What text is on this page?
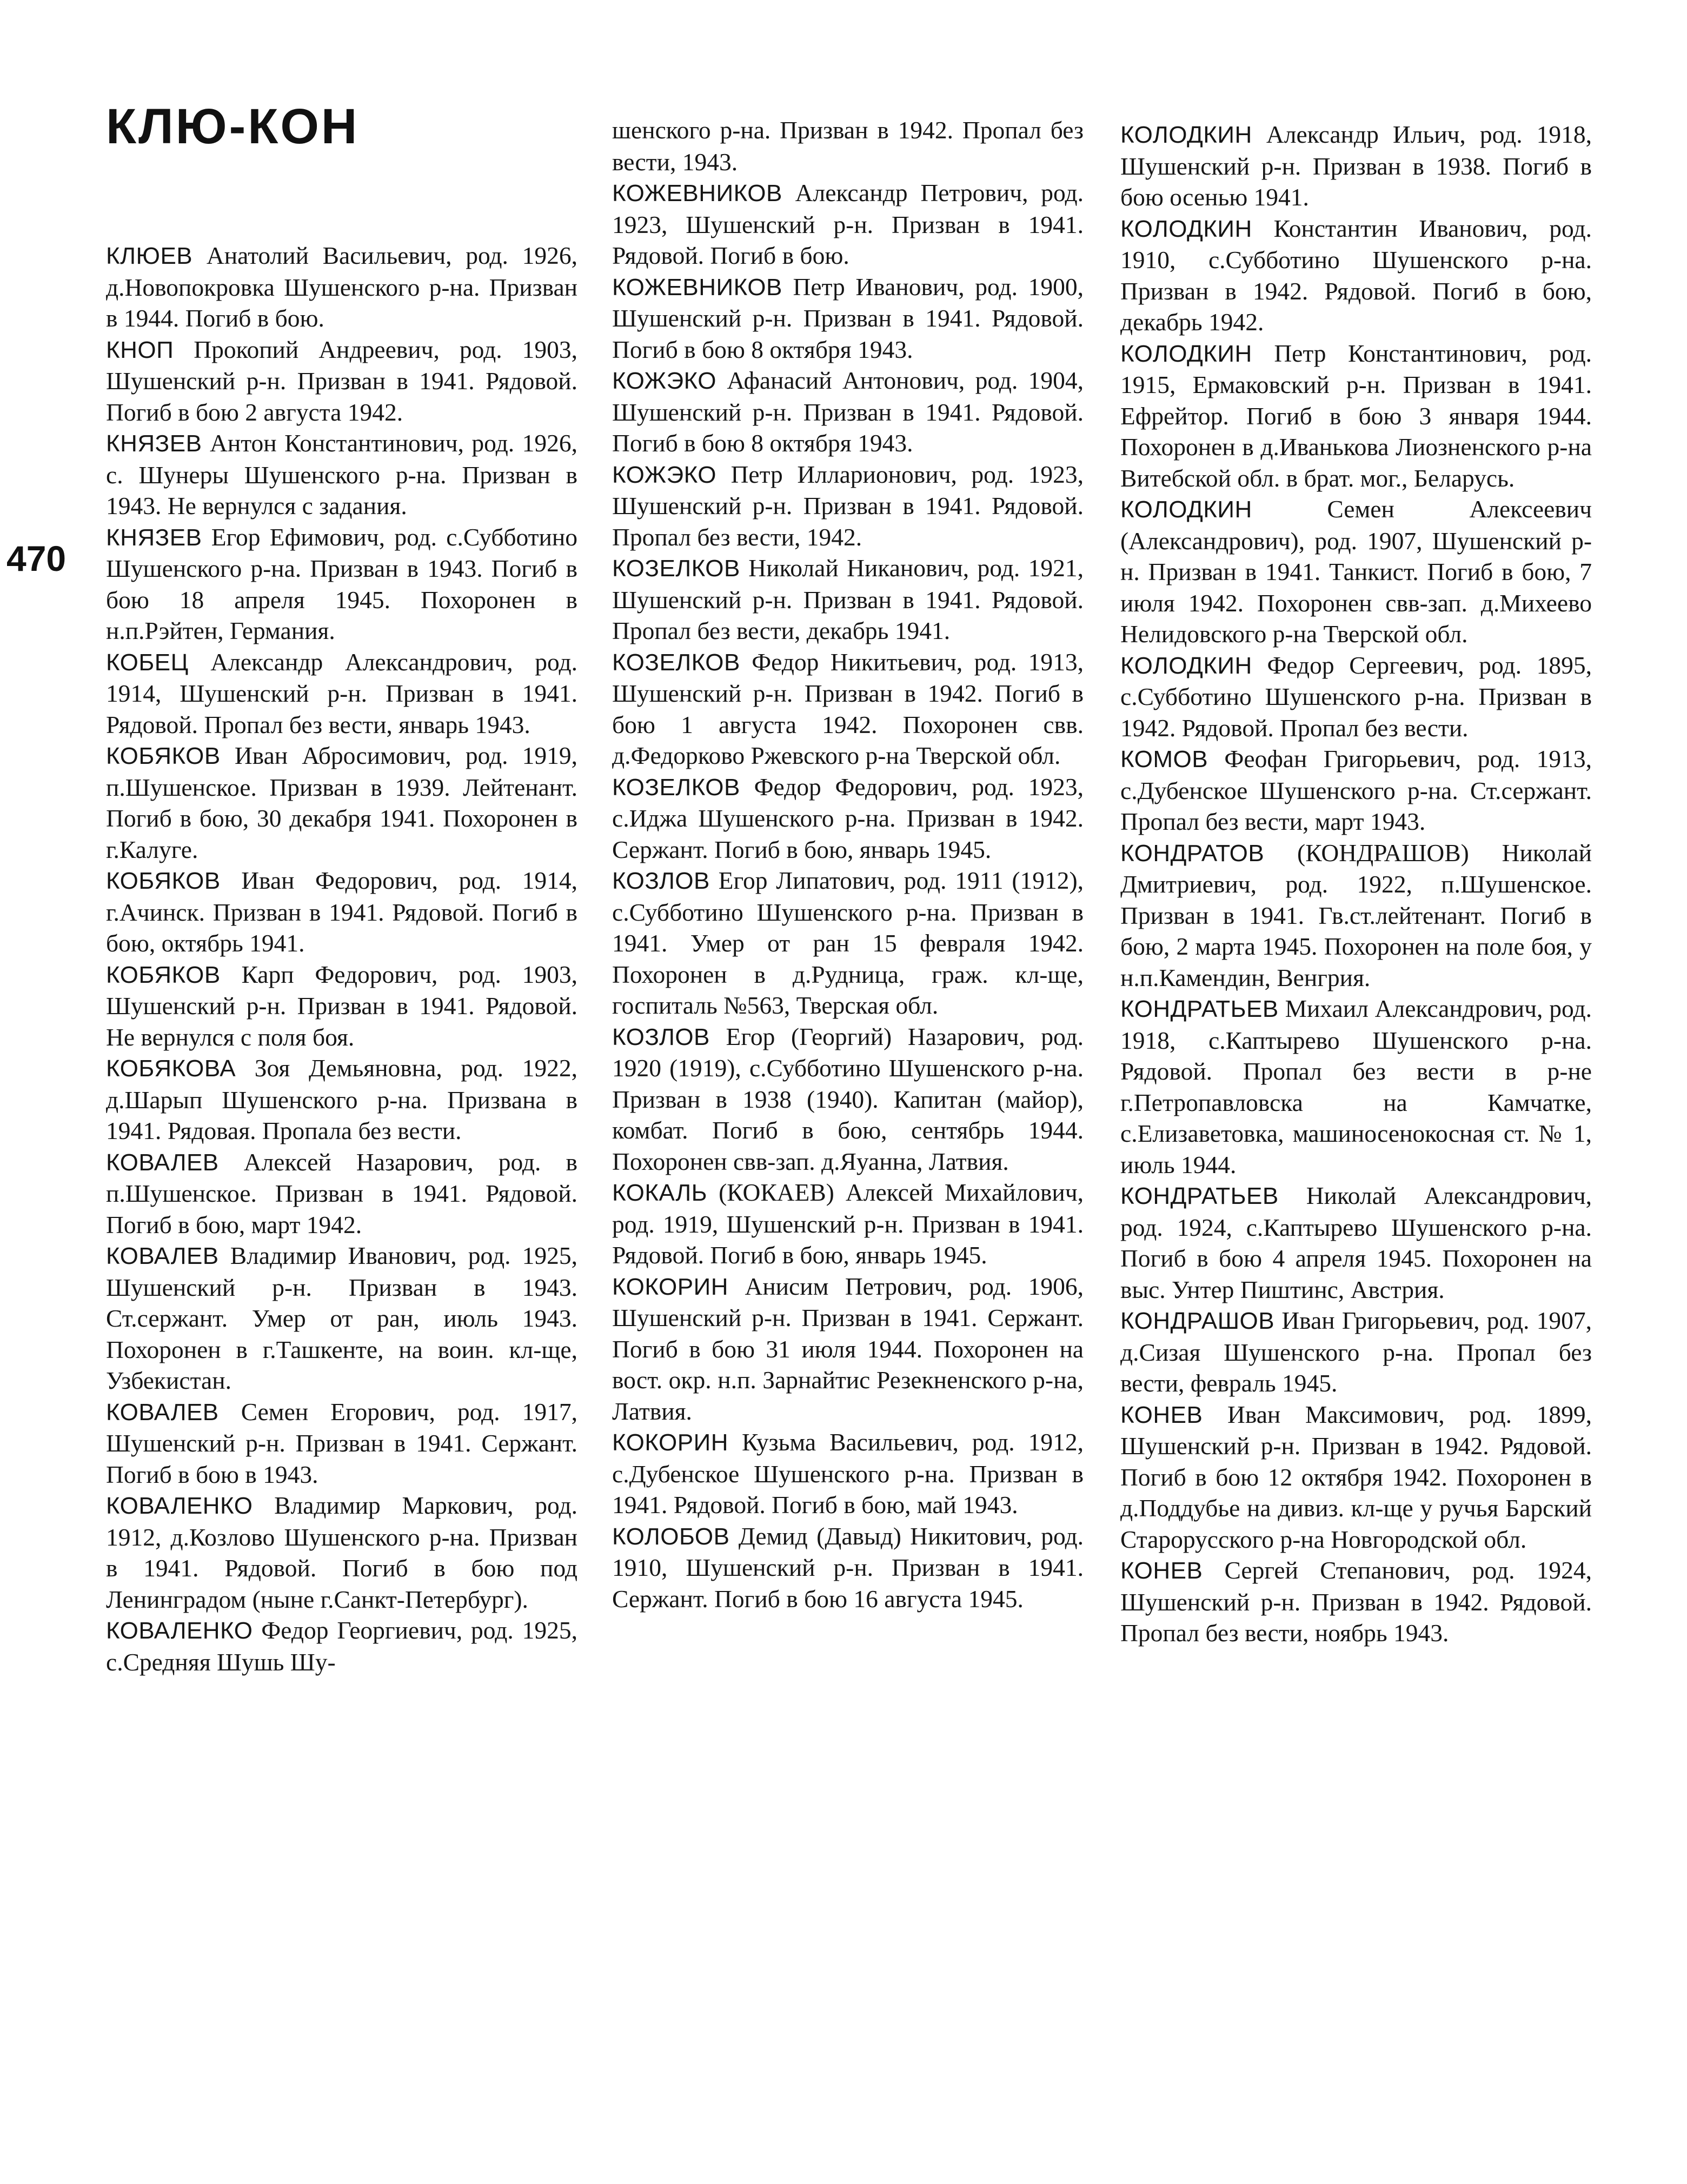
КЛЮ-КОН
470
КЛЮЕВ Анатолий Васильевич, род. 1926, д.Новопокровка Шушенского р-на. Призван в 1944. Погиб в бою.
КНОП Прокопий Андреевич, род. 1903, Шушенский р-н. Призван в 1941. Рядовой. Погиб в бою 2 августа 1942.
КНЯЗЕВ Антон Константинович, род. 1926, с. Шунеры Шушенского р-на. Призван в 1943. Не вернулся с задания.
КНЯЗЕВ Егор Ефимович, род. с.Субботино Шушенского р-на. Призван в 1943. Погиб в бою 18 апреля 1945. Похоронен в н.п.Рэйтен, Германия.
КОБЕЦ Александр Александрович, род. 1914, Шушенский р-н. Призван в 1941. Рядовой. Пропал без вести, январь 1943.
КОБЯКОВ Иван Абросимович, род. 1919, п.Шушенское. Призван в 1939. Лейтенант. Погиб в бою, 30 декабря 1941. Похоронен в г.Калуге.
КОБЯКОВ Иван Федорович, род. 1914, г.Ачинск. Призван в 1941. Рядовой. Погиб в бою, октябрь 1941.
КОБЯКОВ Карп Федорович, род. 1903, Шушенский р-н. Призван в 1941. Рядовой. Не вернулся с поля боя.
КОБЯКОВА Зоя Демьяновна, род. 1922, д.Шарып Шушенского р-на. Призвана в 1941. Рядовая. Пропала без вести.
КОВАЛЕВ Алексей Назарович, род. в п.Шушенское. Призван в 1941. Рядовой. Погиб в бою, март 1942.
КОВАЛЕВ Владимир Иванович, род. 1925, Шушенский р-н. Призван в 1943. Ст.сержант. Умер от ран, июль 1943. Похоронен в г.Ташкенте, на воин. кл-ще, Узбекистан.
КОВАЛЕВ Семен Егорович, род. 1917, Шушенский р-н. Призван в 1941. Сержант. Погиб в бою в 1943.
КОВАЛЕНКО Владимир Маркович, род. 1912, д.Козлово Шушенского р-на. Призван в 1941. Рядовой. Погиб в бою под Ленинградом (ныне г.Санкт-Петербург).
КОВАЛЕНКО Федор Георгиевич, род. 1925, с.Средняя Шушь Шу-
шенского р-на. Призван в 1942. Пропал без вести, 1943.
КОЖЕВНИКОВ Александр Петрович, род. 1923, Шушенский р-н. Призван в 1941. Рядовой. Погиб в бою.
КОЖЕВНИКОВ Петр Иванович, род. 1900, Шушенский р-н. Призван в 1941. Рядовой. Погиб в бою 8 октября 1943.
КОЖЭКО Афанасий Антонович, род. 1904, Шушенский р-н. Призван в 1941. Рядовой. Погиб в бою 8 октября 1943.
КОЖЭКО Петр Илларионович, род. 1923, Шушенский р-н. Призван в 1941. Рядовой. Пропал без вести, 1942.
КОЗЕЛКОВ Николай Никанович, род. 1921, Шушенский р-н. Призван в 1941. Рядовой. Пропал без вести, декабрь 1941.
КОЗЕЛКОВ Федор Никитьевич, род. 1913, Шушенский р-н. Призван в 1942. Погиб в бою 1 августа 1942. Похоронен свв. д.Федорково Ржевского р-на Тверской обл.
КОЗЕЛКОВ Федор Федорович, род. 1923, с.Иджа Шушенского р-на. Призван в 1942. Сержант. Погиб в бою, январь 1945.
КОЗЛОВ Егор Липатович, род. 1911 (1912), с.Субботино Шушенского р-на. Призван в 1941. Умер от ран 15 февраля 1942. Похоронен в д.Рудница, граж. кл-ще, госпиталь №563, Тверская обл.
КОЗЛОВ Егор (Георгий) Назарович, род. 1920 (1919), с.Субботино Шушенского р-на. Призван в 1938 (1940). Капитан (майор), комбат. Погиб в бою, сентябрь 1944. Похоронен свв-зап. д.Яуанна, Латвия.
КОКАЛЬ (КОКАЕВ) Алексей Михайлович, род. 1919, Шушенский р-н. Призван в 1941. Рядовой. Погиб в бою, январь 1945.
КОКОРИН Анисим Петрович, род. 1906, Шушенский р-н. Призван в 1941. Сержант. Погиб в бою 31 июля 1944. Похоронен на вост. окр. н.п. Зарнайтис Резекненского р-на, Латвия.
КОКОРИН Кузьма Васильевич, род. 1912, с.Дубенское Шушенского р-на. Призван в 1941. Рядовой. Погиб в бою, май 1943.
КОЛОБОВ Демид (Давыд) Никитович, род. 1910, Шушенский р-н. Призван в 1941. Сержант. Погиб в бою 16 августа 1945.
КОЛОДКИН Александр Ильич, род. 1918, Шушенский р-н. Призван в 1938. Погиб в бою осенью 1941.
КОЛОДКИН Константин Иванович, род. 1910, с.Субботино Шушенского р-на. Призван в 1942. Рядовой. Погиб в бою, декабрь 1942.
КОЛОДКИН Петр Константинович, род. 1915, Ермаковский р-н. Призван в 1941. Ефрейтор. Погиб в бою 3 января 1944. Похоронен в д.Иванькова Лиозненского р-на Витебской обл. в брат. мог., Беларусь.
КОЛОДКИН	Семен Алексеевич (Александрович), род. 1907, Шушенский р-н. Призван в 1941. Танкист. Погиб в бою, 7 июля 1942. Похоронен свв-зап. д.Михеево Нелидовского р-на Тверской обл.
КОЛОДКИН Федор Сергеевич, род. 1895, с.Субботино Шушенского р-на. Призван в 1942. Рядовой. Пропал без вести.
КОМОВ Феофан Григорьевич, род. 1913, с.Дубенское Шушенского р-на. Ст.сержант. Пропал без вести, март 1943.
КОНДРАТОВ (КОНДРАШОВ) Николай Дмитриевич, род. 1922, п.Шушенское. Призван в 1941. Гв.ст.лейтенант. Погиб в бою, 2 марта 1945. Похоронен на поле боя, у н.п.Камендин, Венгрия.
КОНДРАТЬЕВ Михаил Александрович, род. 1918, с.Каптырево Шушенского р-на. Рядовой. Пропал без вести в р-не г.Петропавловска на Камчатке, с.Елизаветовка, машиносенокосная ст. № 1, июль 1944.
КОНДРАТЬЕВ Николай Александрович, род. 1924, с.Каптырево Шушенского р-на. Погиб в бою 4 апреля 1945. Похоронен на выс. Унтер Пиштинс, Австрия.
КОНДРАШОВ Иван Григорьевич, род. 1907, д.Сизая Шушенского р-на. Пропал без вести, февраль 1945.
КОНЕВ Иван Максимович, род. 1899, Шушенский р-н. Призван в 1942. Рядовой. Погиб в бою 12 октября 1942. Похоронен в д.Поддубье на дивиз. кл-ще у ручья Барский Старорусского р-на Новгородской обл.
КОНЕВ Сергей Степанович, род. 1924, Шушенский р-н. Призван в 1942. Рядовой. Пропал без вести, ноябрь 1943.
